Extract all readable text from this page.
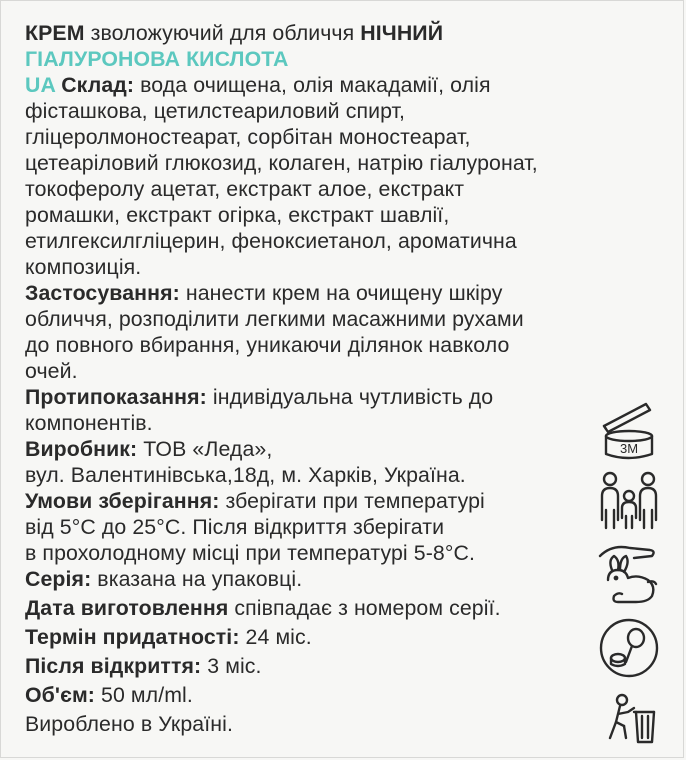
КРЕМ зволожуючий для обличчя НІЧНИЙ
ГІАЛУРОНОВА КИСЛОТА
UA Склад: вода очищена, олія макадамії, олія
фісташкова, цетилстеариловий спирт,
гліцеролмоностеарат, сорбітан моностеарат,
цетеаріловий глюкозид, колаген, натрію гіалуронат,
токоферолу ацетат, екстракт алое, екстракт
ромашки, екстракт огірка, екстракт шавлії,
етилгексилгліцерин, феноксиетанол, ароматична
композиція.
Застосування: нанести крем на очищену шкіру
обличчя, розподілити легкими масажними рухами
до повного вбирання, уникаючи ділянок навколо
очей.
Протипоказання: індивідуальна чутливість до
компонентів.
Виробник: ТОВ «Леда»,
вул. Валентинівська,18д, м. Харків, Україна.
Умови зберігання: зберігати при температурі
від 5°С до 25°С. Після відкриття зберігати
в прохолодному місці при температурі 5-8°С.
Серія: вказана на упаковці.
Дата виготовлення співпадає з номером серії.
Термін придатності: 24 міс.
Після відкриття: 3 міс.
Об'єм: 50 мл/ml.
Вироблено в Україні.
3M
